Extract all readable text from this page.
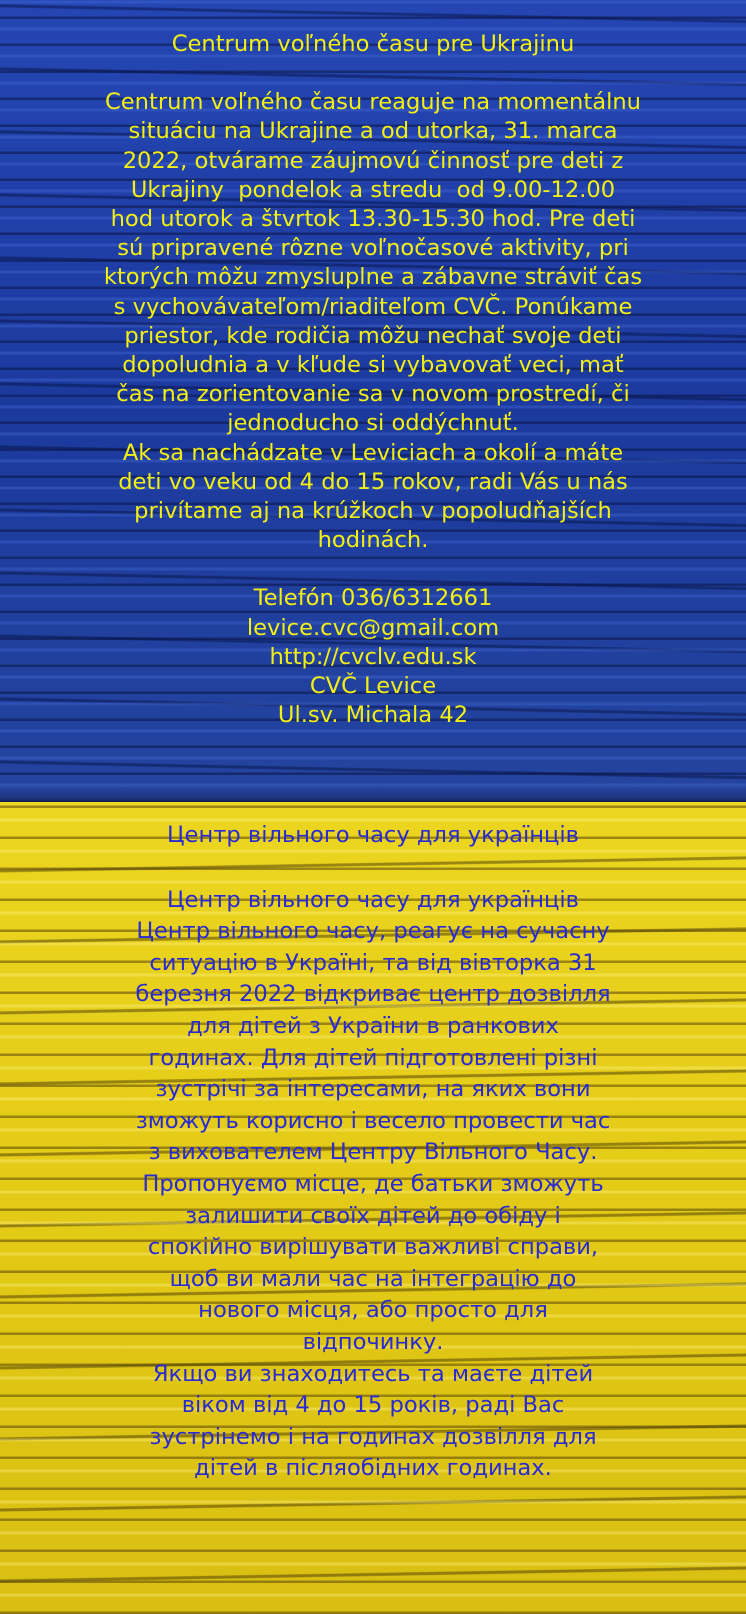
Centrum voľného času pre Ukrajinu
Centrum voľného času reaguje na momentálnu
situáciu na Ukrajine a od utorka, 31. marca
2022, otvárame záujmovú činnosť pre deti z
Ukrajiny  pondelok a stredu  od 9.00-12.00
hod utorok a štvrtok 13.30-15.30 hod. Pre deti
sú pripravené rôzne voľnočasové aktivity, pri
ktorých môžu zmysluplne a zábavne stráviť čas
s vychovávateľom/riaditeľom CVČ. Ponúkame
priestor, kde rodičia môžu nechať svoje deti
dopoludnia a v kľude si vybavovať veci, mať
čas na zorientovanie sa v novom prostredí, či
jednoducho si oddýchnuť.
Ak sa nachádzate v Leviciach a okolí a máte
deti vo veku od 4 do 15 rokov, radi Vás u nás
privítame aj na krúžkoch v popoludňajších
hodinách.
Telefón 036/6312661
levice.cvc@gmail.com
http://cvclv.edu.sk
CVČ Levice
Ul.sv. Michala 42
Центр вільного часу для українців
Центр вільного часу для українців
Центр вільного часу, реагує на сучасну
ситуацію в Україні, та від вівторка 31
березня 2022 відкриває центр дозвілля
для дітей з України в ранкових
годинах. Для дітей підготовлені різні
зустрічі за інтересами, на яких вони
зможуть корисно і весело провести час
з вихователем Центру Вільного Часу.
Пропонуємо місце, де батьки зможуть
залишити своїх дітей до обіду і
спокійно вирішувати важливі справи,
щоб ви мали час на інтеграцію до
нового місця, або просто для
відпочинку.
Якщо ви знаходитесь та маєте дітей
віком від 4 до 15 років, раді Вас
зустрінемо і на годинах дозвілля для
дітей в післяобідних годинах.
